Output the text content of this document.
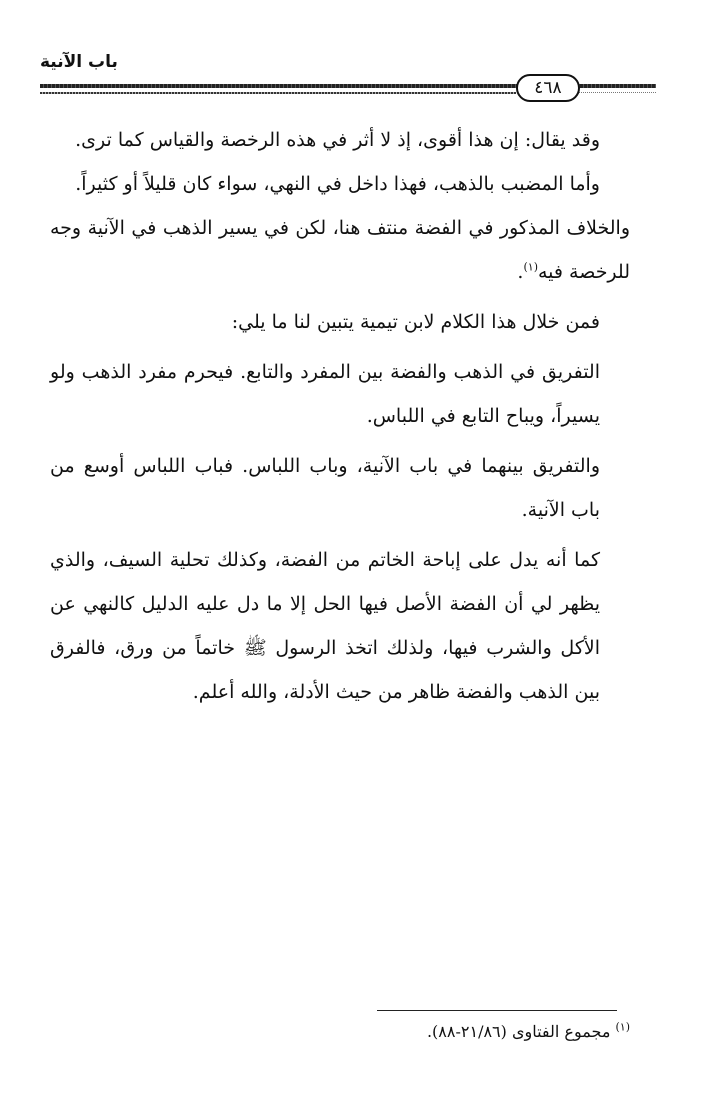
باب الآنية
٤٦٨

وقد يقال: إن هذا أقوى، إذ لا أثر في هذه الرخصة والقياس كما ترى.

وأما المضبب بالذهب، فهذا داخل في النهي، سواء كان قليلاً أو كثيراً.

والخلاف المذكور في الفضة منتف هنا، لكن في يسير الذهب في الآنية وجه للرخصة فيه$^{(١)}$.

فمن خلال هذا الكلام لابن تيمية يتبين لنا ما يلي:

التفريق في الذهب والفضة بين المفرد والتابع. فيحرم مفرد الذهب ولو يسيراً، ويباح التابع في اللباس.

والتفريق بينهما في باب الآنية، وباب اللباس. فباب اللباس أوسع من باب الآنية.

كما أنه يدل على إباحة الخاتم من الفضة، وكذلك تحلية السيف، والذي يظهر لي أن الفضة الأصل فيها الحل إلا ما دل عليه الدليل كالنهي عن الأكل والشرب فيها، ولذلك اتخذ الرسول ﷺ خاتماً من ورق، فالفرق بين الذهب والفضة ظاهر من حيث الأدلة، والله أعلم.

$^{(١)}$ مجموع الفتاوى (٢١/٨٦-٨٨).
